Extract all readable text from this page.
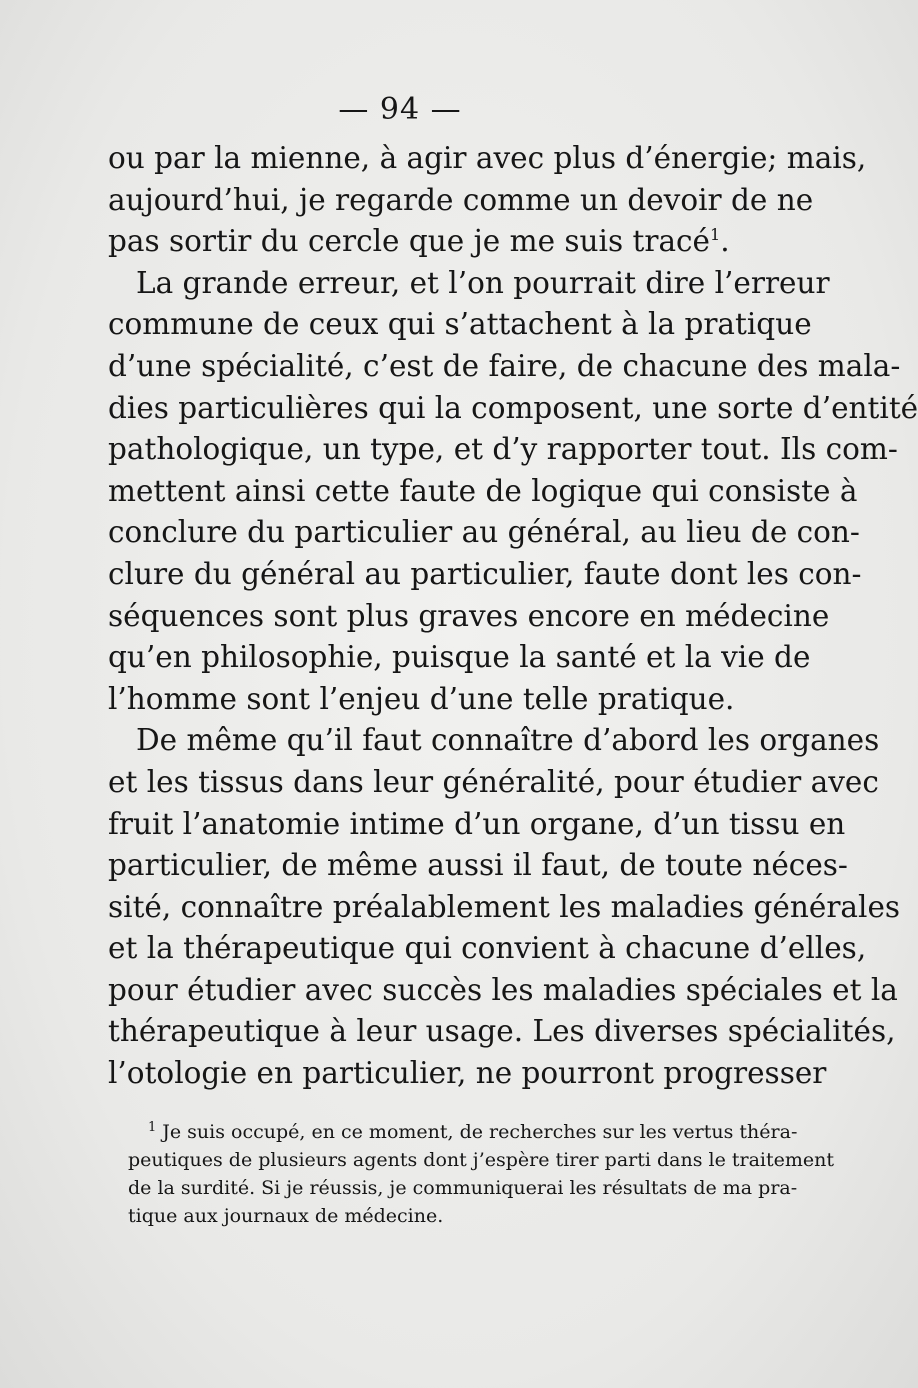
— 94 —
ou par la mienne, à agir avec plus d’énergie; mais,
aujourd’hui, je regarde comme un devoir de ne
pas sortir du cercle que je me suis tracé$^1$.
La grande erreur, et l’on pourrait dire l’erreur
commune de ceux qui s’attachent à la pratique
d’une spécialité, c’est de faire, de chacune des mala-
dies particulières qui la composent, une sorte d’entité
pathologique, un type, et d’y rapporter tout. Ils com-
mettent ainsi cette faute de logique qui consiste à
conclure du particulier au général, au lieu de con-
clure du général au particulier, faute dont les con-
séquences sont plus graves encore en médecine
qu’en philosophie, puisque la santé et la vie de
l’homme sont l’enjeu d’une telle pratique.
De même qu’il faut connaître d’abord les organes
et les tissus dans leur généralité, pour étudier avec
fruit l’anatomie intime d’un organe, d’un tissu en
particulier, de même aussi il faut, de toute néces-
sité, connaître préalablement les maladies générales
et la thérapeutique qui convient à chacune d’elles,
pour étudier avec succès les maladies spéciales et la
thérapeutique à leur usage. Les diverses spécialités,
l’otologie en particulier, ne pourront progresser
$^1$ Je suis occupé, en ce moment, de recherches sur les vertus théra-
peutiques de plusieurs agents dont j’espère tirer parti dans le traitement
de la surdité. Si je réussis, je communiquerai les résultats de ma pra-
tique aux journaux de médecine.
